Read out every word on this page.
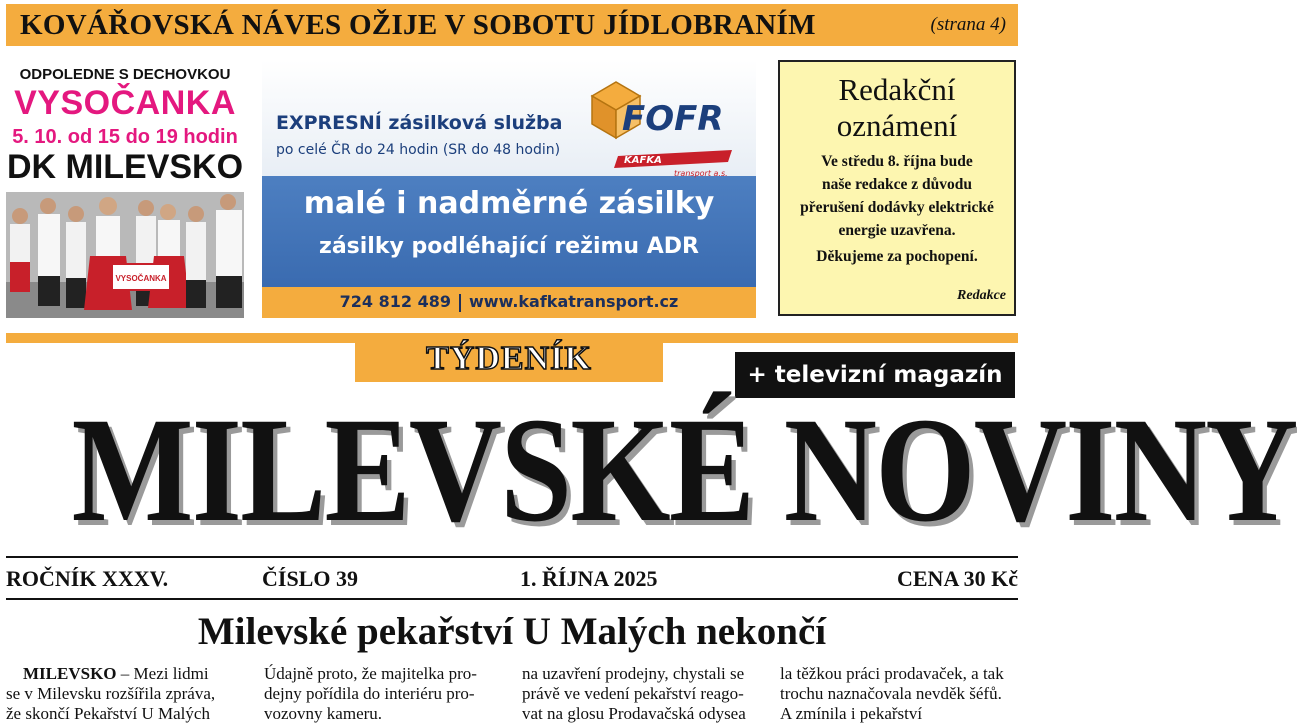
KOVÁŘOVSKÁ NÁVES OŽIJE V SOBOTU JÍDLOBRANÍM	(strana 4)
ODPOLEDNE S DECHOVKOU
VYSOČANKA
5. 10. od 15 do 19 hodin
DK MILEVSKO
VYSOČANKA
EXPRESNÍ zásilková služba
po celé ČR do 24 hodin (SR do 48 hodin)
FOFR
KAFKA
transport a.s.
malé i nadměrné zásilky
zásilky podléhající režimu ADR
724 812 489 www.kafkatransport.cz
Redakční
oznámení
Ve středu 8. října bude
naše redakce z důvodu
přerušení dodávky elektrické
energie uzavřena.
Děkujeme za pochopení.
Redakce
TÝDENÍK	+ televizní magazín
MILEVSKÉ NOVINY
ROČNÍK XXXV.	ČÍSLO 39	1. ŘÍJNA 2025	CENA 30 Kč
Milevské pekařství U Malých nekončí

MILEVSKO – Mezi lidmi

se v Milevsku rozšířila zpráva,

že skončí Pekařství U Malých

Údajně proto, že majitelka pro-

dejny pořídila do interiéru pro-

vozovny kameru.

na uzavření prodejny, chystali se

právě ve vedení pekařství reago-

vat na glosu Prodavačská odysea

la těžkou práci prodavaček, a tak

trochu naznačovala nevděk šéfů.

A zmínila i pekařství
